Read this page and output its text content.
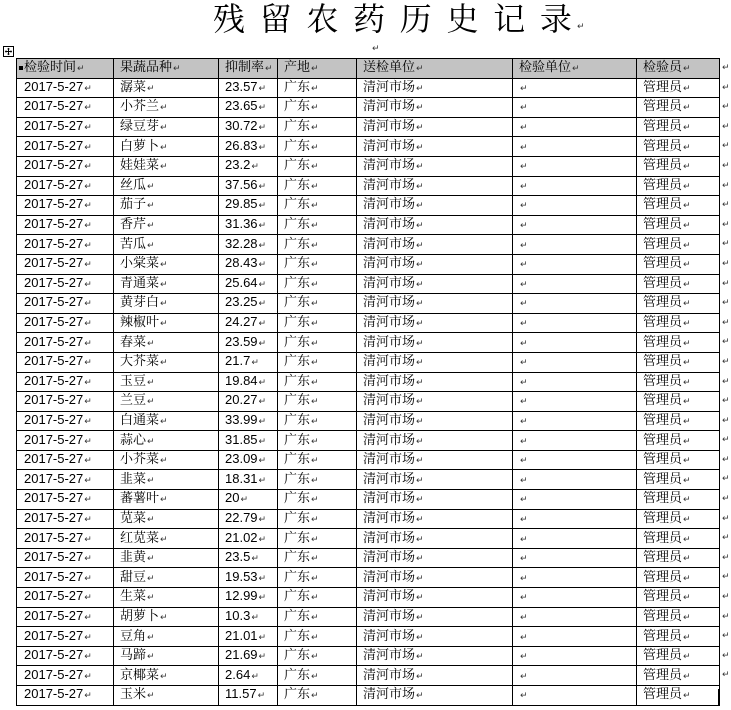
残留农药历史记录
↵
↵
检验时间 ↵	果蔬品种 ↵	抑制率 ↵	产地 ↵	送检单位 ↵	检验单位 ↵	↵ 检验员 ↵
2017-5-27 ↵	潺菜 ↵	23.57 ↵	广东 ↵	清河市场 ↵	↵	↵ 管理员 ↵
2017-5-27 ↵	小芥兰 ↵	23.65 ↵	广东 ↵	清河市场 ↵	↵	↵ 管理员 ↵
2017-5-27 ↵	绿豆芽 ↵	30.72 ↵	广东 ↵	清河市场 ↵	↵	↵ 管理员 ↵
2017-5-27 ↵	白萝卜 ↵	26.83 ↵	广东 ↵	清河市场 ↵	↵	↵ 管理员 ↵
2017-5-27 ↵	娃娃菜 ↵	23.2 ↵	广东 ↵	清河市场 ↵	↵	↵ 管理员 ↵
2017-5-27 ↵	丝瓜 ↵	37.56 ↵	广东 ↵	清河市场 ↵	↵	↵ 管理员 ↵
2017-5-27 ↵	茄子 ↵	29.85 ↵	广东 ↵	清河市场 ↵	↵	↵ 管理员 ↵
2017-5-27 ↵	香芹 ↵	31.36 ↵	广东 ↵	清河市场 ↵	↵	↵ 管理员 ↵
2017-5-27 ↵	苦瓜 ↵	32.28 ↵	广东 ↵	清河市场 ↵	↵	↵ 管理员 ↵
2017-5-27 ↵	小棠菜 ↵	28.43 ↵	广东 ↵	清河市场 ↵	↵	↵ 管理员 ↵
2017-5-27 ↵	青通菜 ↵	25.64 ↵	广东 ↵	清河市场 ↵	↵	↵ 管理员 ↵
2017-5-27 ↵	黄芽白 ↵	23.25 ↵	广东 ↵	清河市场 ↵	↵	↵ 管理员 ↵
2017-5-27 ↵	辣椒叶 ↵	24.27 ↵	广东 ↵	清河市场 ↵	↵	↵ 管理员 ↵
2017-5-27 ↵	春菜 ↵	23.59 ↵	广东 ↵	清河市场 ↵	↵	↵ 管理员 ↵
2017-5-27 ↵	大芥菜 ↵	21.7 ↵	广东 ↵	清河市场 ↵	↵	↵ 管理员 ↵
2017-5-27 ↵	玉豆 ↵	19.84 ↵	广东 ↵	清河市场 ↵	↵	↵ 管理员 ↵
2017-5-27 ↵	兰豆 ↵	20.27 ↵	广东 ↵	清河市场 ↵	↵	↵ 管理员 ↵
2017-5-27 ↵	白通菜 ↵	33.99 ↵	广东 ↵	清河市场 ↵	↵	↵ 管理员 ↵
2017-5-27 ↵	蒜心 ↵	31.85 ↵	广东 ↵	清河市场 ↵	↵	↵ 管理员 ↵
2017-5-27 ↵	小芥菜 ↵	23.09 ↵	广东 ↵	清河市场 ↵	↵	↵ 管理员 ↵
2017-5-27 ↵	韭菜 ↵	18.31 ↵	广东 ↵	清河市场 ↵	↵	↵ 管理员 ↵
2017-5-27 ↵	蕃薯叶 ↵	20 ↵	广东 ↵	清河市场 ↵	↵	↵ 管理员 ↵
2017-5-27 ↵	苋菜 ↵	22.79 ↵	广东 ↵	清河市场 ↵	↵	↵ 管理员 ↵
2017-5-27 ↵	红苋菜 ↵	21.02 ↵	广东 ↵	清河市场 ↵	↵	↵ 管理员 ↵
2017-5-27 ↵	韭黄 ↵	23.5 ↵	广东 ↵	清河市场 ↵	↵	↵ 管理员 ↵
2017-5-27 ↵	甜豆 ↵	19.53 ↵	广东 ↵	清河市场 ↵	↵	↵ 管理员 ↵
2017-5-27 ↵	生菜 ↵	12.99 ↵	广东 ↵	清河市场 ↵	↵	↵ 管理员 ↵
2017-5-27 ↵	胡萝卜 ↵	10.3 ↵	广东 ↵	清河市场 ↵	↵	↵ 管理员 ↵
2017-5-27 ↵	豆角 ↵	21.01 ↵	广东 ↵	清河市场 ↵	↵	↵ 管理员 ↵
2017-5-27 ↵	马蹄 ↵	21.69 ↵	广东 ↵	清河市场 ↵	↵	↵ 管理员 ↵
2017-5-27 ↵	京椰菜 ↵	2.64 ↵	广东 ↵	清河市场 ↵	↵	↵ 管理员 ↵
2017-5-27 ↵	玉米 ↵	11.57 ↵	广东 ↵	清河市场 ↵	↵	管理员 ↵
